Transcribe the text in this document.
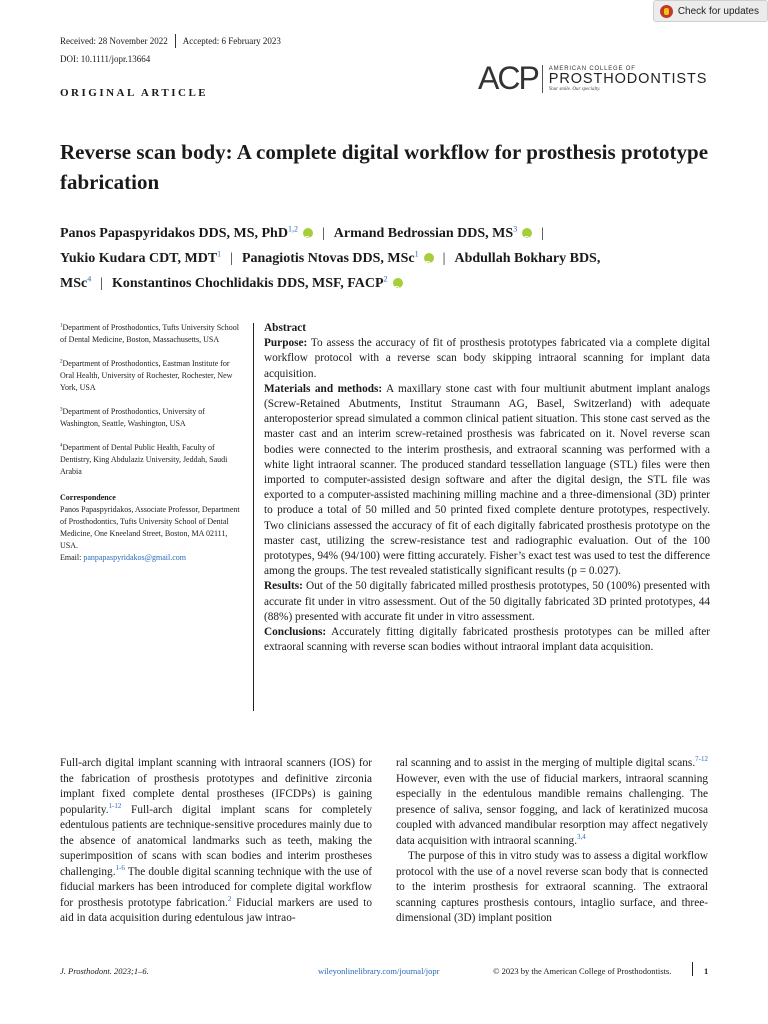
Check for updates
Received: 28 November 2022 Accepted: 6 February 2023
DOI: 10.1111/jopr.13664
ORIGINAL ARTICLE	ACP AMERICAN COLLEGE OF
PROSTHODONTISTS
Your smile. Our specialty.
Reverse scan body: A complete digital workflow for prosthesis prototype fabrication
Panos Papaspyridakos DDS, MS, PhD$^{1,2}$D | Armand Bedrossian DDS, $MS^3D$ |
Yukio Kudara CDT, MDT$^1$ | Panagiotis Ntovas DDS, MSc$^1$D | Abdullah Bokhary BDS, MSc$^4$ | Konstantinos Chochlidakis DDS, MSF, FACP$^2$D

$^1$Department of Prosthodontics, Tufts University School of Dental Medicine, Boston, Massachusetts, USA

$^2$Department of Prosthodontics, Eastman Institute for Oral Health, University of Rochester, Rochester, New York, USA

$^3$Department of Prosthodontics, University of Washington, Seattle, Washington, USA

$^4$Department of Dental Public Health, Faculty of Dentistry, King Abdulaziz University, Jeddah, Saudi Arabia

Correspondence

Panos Papaspyridakos, Associate Professor, Department of Prosthodontics, Tufts University School of Dental Medicine, One Kneeland Street, Boston, MA 02111, USA.

Email: panpapaspyridakos@gmail.com

Abstract

Purpose: To assess the accuracy of fit of prosthesis prototypes fabricated via a complete digital workflow protocol with a reverse scan body skipping intraoral scanning for implant data acquisition.

Materials and methods: A maxillary stone cast with four multiunit abutment implant analogs (Screw-Retained Abutments, Institut Straumann AG, Basel, Switzerland) with adequate anteroposterior spread simulated a common clinical patient situation. This stone cast served as the master cast and an interim screw-retained prosthesis was fabricated on it. Novel reverse scan bodies were connected to the interim prosthesis, and extraoral scanning was performed with a white light intraoral scanner. The produced standard tessellation language (STL) files were then imported to computer-assisted design software and after the digital design, the STL file was exported to a computer-assisted machining milling machine and a three-dimensional (3D) printer to produce a total of 50 milled and 50 printed fixed complete denture prototypes, respectively. Two clinicians assessed the accuracy of fit of each digitally fabricated prosthesis prototype on the master cast, utilizing the screw-resistance test and radiographic evaluation. Out of the 100 prototypes, 94% (94/100) were fitting accurately. Fisher’s exact test was used to test the difference among the groups. The test revealed statistically significant results (p = 0.027).

Results: Out of the 50 digitally fabricated milled prosthesis prototypes, 50 (100%) presented with accurate fit under in vitro assessment. Out of the 50 digitally fabricated 3D printed prototypes, 44 (88%) presented with accurate fit under in vitro assessment.

Conclusions: Accurately fitting digitally fabricated prosthesis prototypes can be milled after extraoral scanning with reverse scan bodies without intraoral implant data acquisition.

Full-arch digital implant scanning with intraoral scanners (IOS) for the fabrication of prosthesis prototypes and definitive zirconia implant fixed complete dental prostheses (IFCDPs) is gaining popularity.$^{1-12}$ Full-arch digital implant scans for completely edentulous patients are technique-sensitive procedures mainly due to the absence of anatomical landmarks such as teeth, making the superimposition of scans with scan bodies and interim prostheses challenging.$^{1-6}$ The double digital scanning technique with the use of fiducial markers has been introduced for complete digital workflow for prosthesis prototype fabrication.$^2$ Fiducial markers are used to aid in data acquisition during edentulous jaw intrao-

ral scanning and to assist in the merging of multiple digital scans.$^{7-12}$ However, even with the use of fiducial markers, intraoral scanning especially in the edentulous mandible remains challenging. The presence of saliva, sensor fogging, and lack of keratinized mucosa coupled with advanced mandibular resorption may affect negatively data acquisition with intraoral scanning.$^{3,4}$

The purpose of this in vitro study was to assess a digital workflow protocol with the use of a novel reverse scan body that is connected to the interim prosthesis for extraoral scanning. The extraoral scanning captures prosthesis contours, intaglio surface, and three-dimensional (3D) implant position

J. Prosthodont. 2023;1–6.	wileyonlinelibrary.com/journal/jopr	© 2023 by the American College of Prosthodontists.	1
